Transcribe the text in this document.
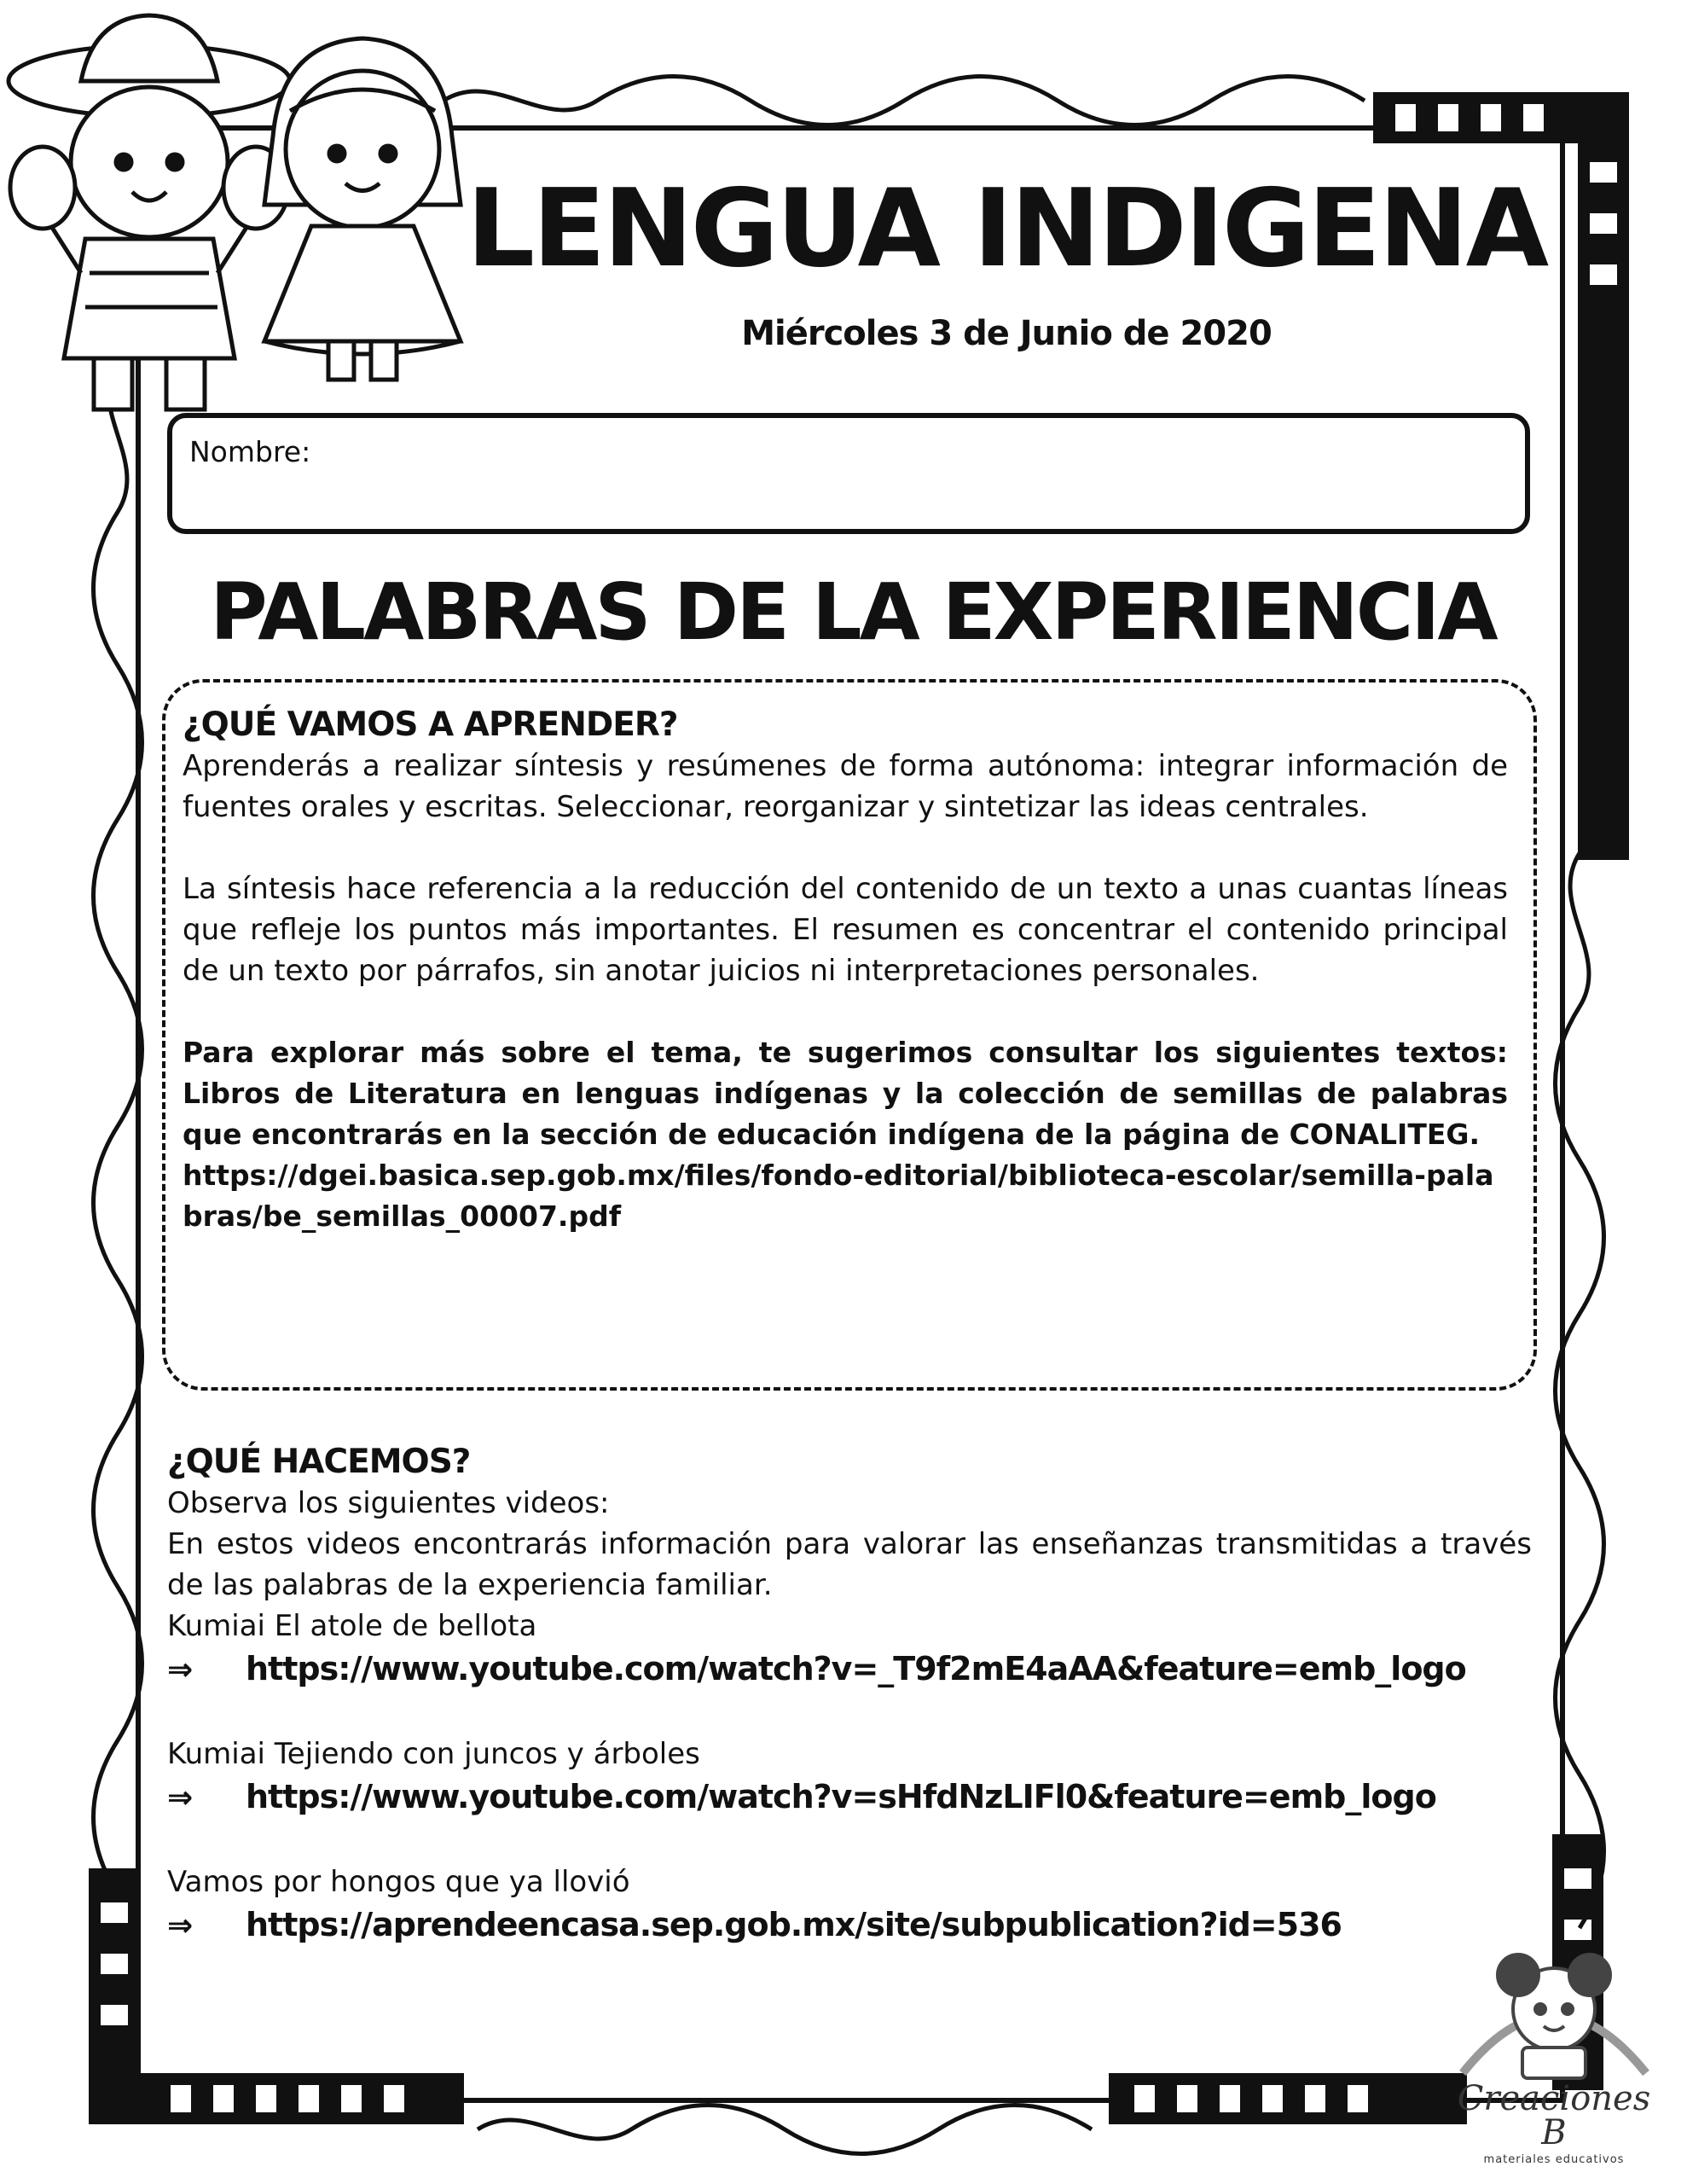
LENGUA INDIGENA
Miércoles 3 de Junio de 2020
Nombre:
PALABRAS DE LA EXPERIENCIA

¿QUÉ VAMOS A APRENDER?

Aprenderás a realizar síntesis y resúmenes de forma autónoma: integrar información de fuentes orales y escritas. Seleccionar, reorganizar y sintetizar las ideas centrales.

La síntesis hace referencia a la reducción del contenido de un texto a unas cuantas líneas que refleje los puntos más importantes. El resumen es concentrar el contenido principal de un texto por párrafos, sin anotar juicios ni interpretaciones personales.

Para explorar más sobre el tema, te sugerimos consultar los siguientes textos: Libros de Literatura en lenguas indígenas y la colección de semillas de palabras que encontrarás en la sección de educación indígena de la página de CONALITEG.

https://dgei.basica.sep.gob.mx/files/fondo-editorial/biblioteca-escolar/semilla-palabras/be_semillas_00007.pdf

¿QUÉ HACEMOS?

Observa los siguientes videos:

En estos videos encontrarás información para valorar las enseñanzas transmitidas a través de las palabras de la experiencia familiar.

Kumiai El atole de bellota

⇒	https://www.youtube.com/watch?v=_T9f2mE4aAA&feature=emb_logo

Kumiai Tejiendo con juncos y árboles

⇒	https://www.youtube.com/watch?v=sHfdNzLIFl0&feature=emb_logo

Vamos por hongos que ya llovió

⇒	https://aprendeencasa.sep.gob.mx/site/subpublication?id=536
Creaciones B
materiales educativos
